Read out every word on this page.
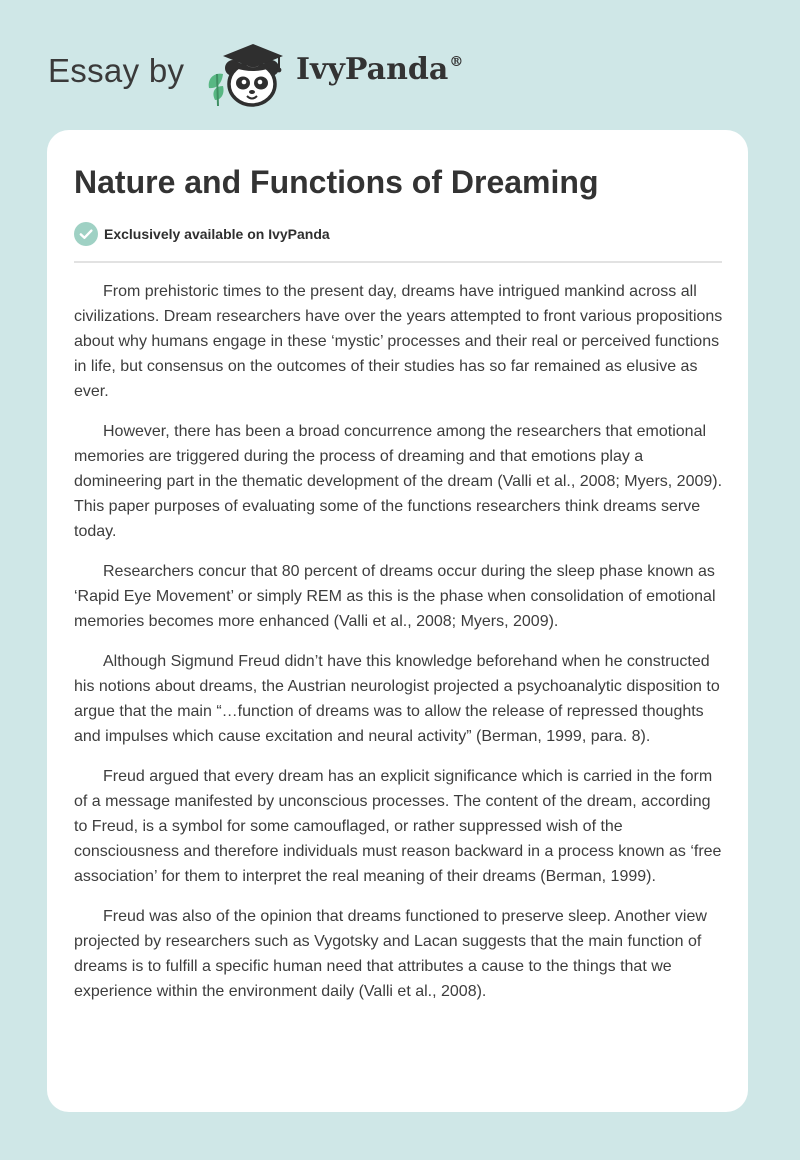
Essay by	IvyPanda®
Nature and Functions of Dreaming
Exclusively available on IvyPanda

From prehistoric times to the present day, dreams have intrigued mankind across all civilizations. Dream researchers have over the years attempted to front various propositions about why humans engage in these ‘mystic’ processes and their real or perceived functions in life, but consensus on the outcomes of their studies has so far remained as elusive as ever.

However, there has been a broad concurrence among the researchers that emotional memories are triggered during the process of dreaming and that emotions play a domineering part in the thematic development of the dream (Valli et al., 2008; Myers, 2009). This paper purposes of evaluating some of the functions researchers think dreams serve today.

Researchers concur that 80 percent of dreams occur during the sleep phase known as ‘Rapid Eye Movement’ or simply REM as this is the phase when consolidation of emotional memories becomes more enhanced (Valli et al., 2008; Myers, 2009).

Although Sigmund Freud didn’t have this knowledge beforehand when he constructed his notions about dreams, the Austrian neurologist projected a psychoanalytic disposition to argue that the main “…function of dreams was to allow the release of repressed thoughts and impulses which cause excitation and neural activity” (Berman, 1999, para. 8).

Freud argued that every dream has an explicit significance which is carried in the form of a message manifested by unconscious processes. The content of the dream, according to Freud, is a symbol for some camouflaged, or rather suppressed wish of the consciousness and therefore individuals must reason backward in a process known as ‘free association’ for them to interpret the real meaning of their dreams (Berman, 1999).

Freud was also of the opinion that dreams functioned to preserve sleep. Another view projected by researchers such as Vygotsky and Lacan suggests that the main function of dreams is to fulfill a specific human need that attributes a cause to the things that we experience within the environment daily (Valli et al., 2008).
